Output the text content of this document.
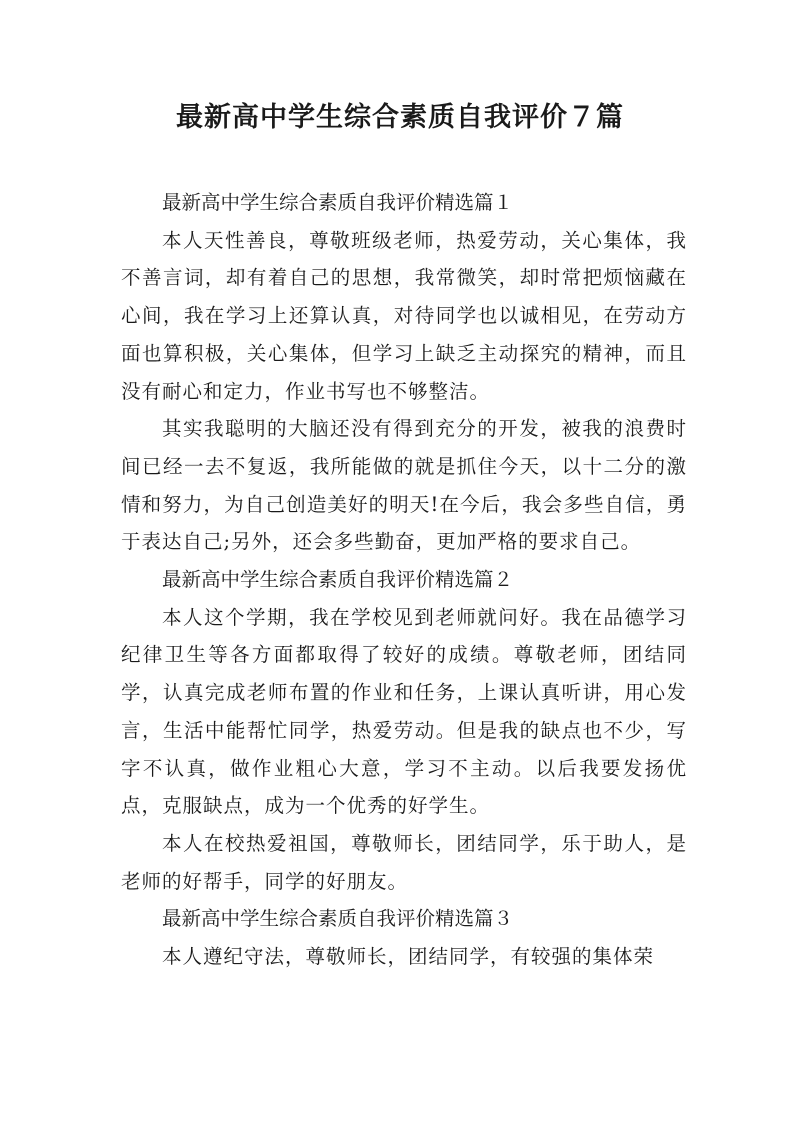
最新高中学生综合素质自我评价７篇

最新高中学生综合素质自我评价精选篇１

本人天性善良，尊敬班级老师，热爱劳动，关心集体，我不善言词，却有着自己的思想，我常微笑，却时常把烦恼藏在心间，我在学习上还算认真，对待同学也以诚相见，在劳动方面也算积极，关心集体，但学习上缺乏主动探究的精神，而且没有耐心和定力，作业书写也不够整洁。

其实我聪明的大脑还没有得到充分的开发，被我的浪费时间已经一去不复返，我所能做的就是抓住今天，以十二分的激情和努力，为自己创造美好的明天!在今后，我会多些自信，勇于表达自己;另外，还会多些勤奋，更加严格的要求自己。

最新高中学生综合素质自我评价精选篇２

本人这个学期，我在学校见到老师就问好。我在品德学习纪律卫生等各方面都取得了较好的成绩。尊敬老师，团结同学，认真完成老师布置的作业和任务，上课认真听讲，用心发言，生活中能帮忙同学，热爱劳动。但是我的缺点也不少，写字不认真，做作业粗心大意，学习不主动。以后我要发扬优点，克服缺点，成为一个优秀的好学生。

本人在校热爱祖国，尊敬师长，团结同学，乐于助人，是老师的好帮手，同学的好朋友。

最新高中学生综合素质自我评价精选篇３

本人遵纪守法，尊敬师长，团结同学，有较强的集体荣
